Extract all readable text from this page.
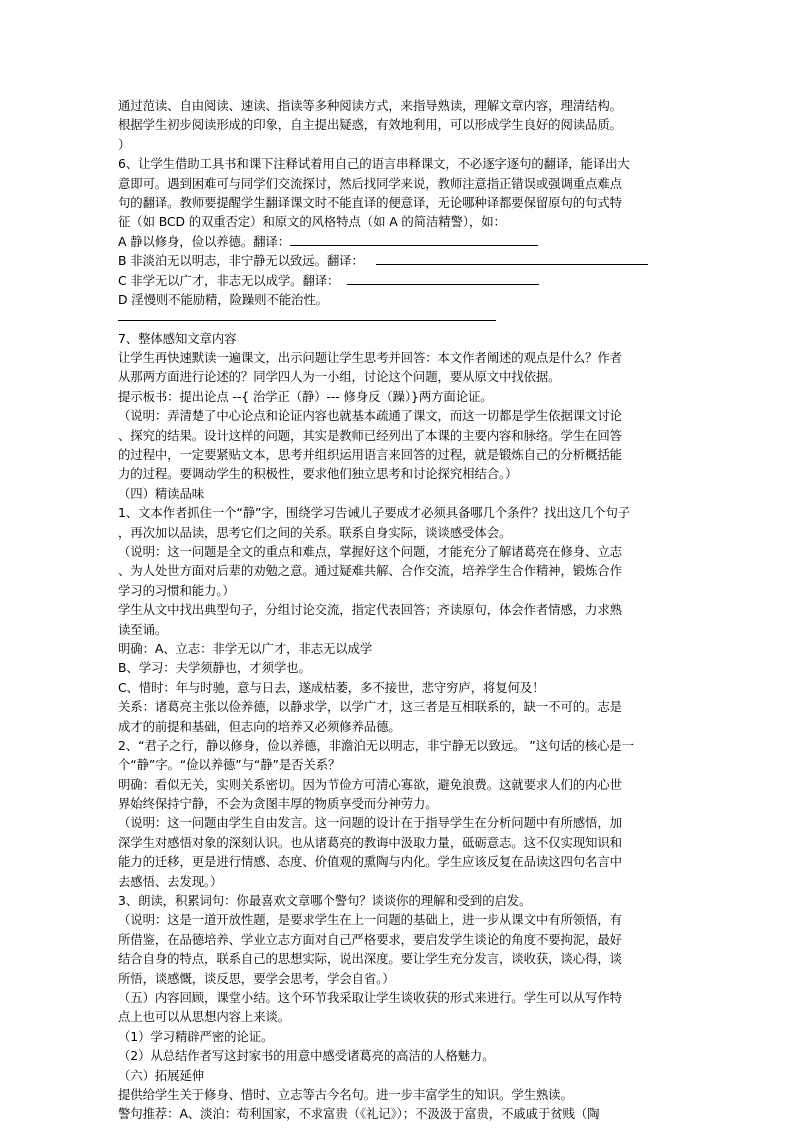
通过范读、自由阅读、速读、指读等多种阅读方式，来指导熟读，理解文章内容，理清结构。
根据学生初步阅读形成的印象，自主提出疑惑，有效地利用，可以形成学生良好的阅读品质。
）
6、让学生借助工具书和课下注释试着用自己的语言串释课文，不必逐字逐句的翻译，能译出大
意即可。遇到困难可与同学们交流探讨，然后找同学来说，教师注意指正错误或强调重点难点
句的翻译。教师要提醒学生翻译课文时不能直译的便意译，无论哪种译都要保留原句的句式特
征（如 BCD 的双重否定）和原文的风格特点（如 A 的简洁精警），如：
A 静以修身，俭以养德。翻译：
B 非淡泊无以明志，非宁静无以致远。翻译：
C 非学无以广才，非志无以成学。翻译：
D 淫慢则不能励精，险躁则不能治性。
7、整体感知文章内容
让学生再快速默读一遍课文，出示问题让学生思考并回答：本文作者阐述的观点是什么？作者
从那两方面进行论述的？同学四人为一小组，讨论这个问题，要从原文中找依据。
提示板书：提出论点 --{ 治学正（静）--- 修身反（躁）}两方面论证。
（说明：弄清楚了中心论点和论证内容也就基本疏通了课文，而这一切都是学生依据课文讨论
、探究的结果。设计这样的问题，其实是教师已经列出了本课的主要内容和脉络。学生在回答
的过程中，一定要紧贴文本，思考并组织运用语言来回答的过程，就是锻炼自己的分析概括能
力的过程。要调动学生的积极性，要求他们独立思考和讨论探究相结合。）
（四）精读品味
1、文本作者抓住一个“静”字，围绕学习告诫儿子要成才必须具备哪几个条件？找出这几个句子
，再次加以品读，思考它们之间的关系。联系自身实际，谈谈感受体会。
（说明：这一问题是全文的重点和难点，掌握好这个问题，才能充分了解诸葛亮在修身、立志
、为人处世方面对后辈的劝勉之意。通过疑难共解、合作交流，培养学生合作精神，锻炼合作
学习的习惯和能力。）
学生从文中找出典型句子，分组讨论交流，指定代表回答；齐读原句，体会作者情感，力求熟
读至诵。
明确：A、立志：非学无以广才，非志无以成学
B、学习：夫学须静也，才须学也。
C、惜时：年与时驰，意与日去，遂成枯萎，多不接世，悲守穷庐，将复何及！
关系：诸葛亮主张以俭养德，以静求学，以学广才，这三者是互相联系的，缺一不可的。志是
成才的前提和基础，但志向的培养又必须修养品德。
2、“君子之行，静以修身，俭以养德，非澹泊无以明志，非宁静无以致远。 ”这句话的核心是一
个“静”字。“俭以养德”与“静”是否关系？
明确：看似无关，实则关系密切。因为节俭方可清心寡欲，避免浪费。这就要求人们的内心世
界始终保持宁静，不会为贪图丰厚的物质享受而分神劳力。
（说明：这一问题由学生自由发言。这一问题的设计在于指导学生在分析问题中有所感悟，加
深学生对感悟对象的深刻认识。也从诸葛亮的教诲中汲取力量，砥砺意志。这不仅实现知识和
能力的迁移，更是进行情感、态度、价值观的熏陶与内化。学生应该反复在品读这四句名言中
去感悟、去发现。）
3、朗读，积累词句：你最喜欢文章哪个警句？谈谈你的理解和受到的启发。
（说明：这是一道开放性题，是要求学生在上一问题的基础上，进一步从课文中有所领悟，有
所借鉴，在品德培养、学业立志方面对自己严格要求，要启发学生谈论的角度不要拘泥，最好
结合自身的特点，联系自己的思想实际，说出深度。要让学生充分发言，谈收获，谈心得，谈
所悟，谈感慨，谈反思，要学会思考，学会自省。）
（五）内容回顾，课堂小结。这个环节我采取让学生谈收获的形式来进行。学生可以从写作特
点上也可以从思想内容上来谈。
（1）学习精辟严密的论证。
（2）从总结作者写这封家书的用意中感受诸葛亮的高洁的人格魅力。
（六）拓展延伸
提供给学生关于修身、惜时、立志等古今名句。进一步丰富学生的知识。学生熟读。
警句推荐：A、淡泊：苟利国家，不求富贵（《礼记》）；不汲汲于富贵，不戚戚于贫贱（陶
